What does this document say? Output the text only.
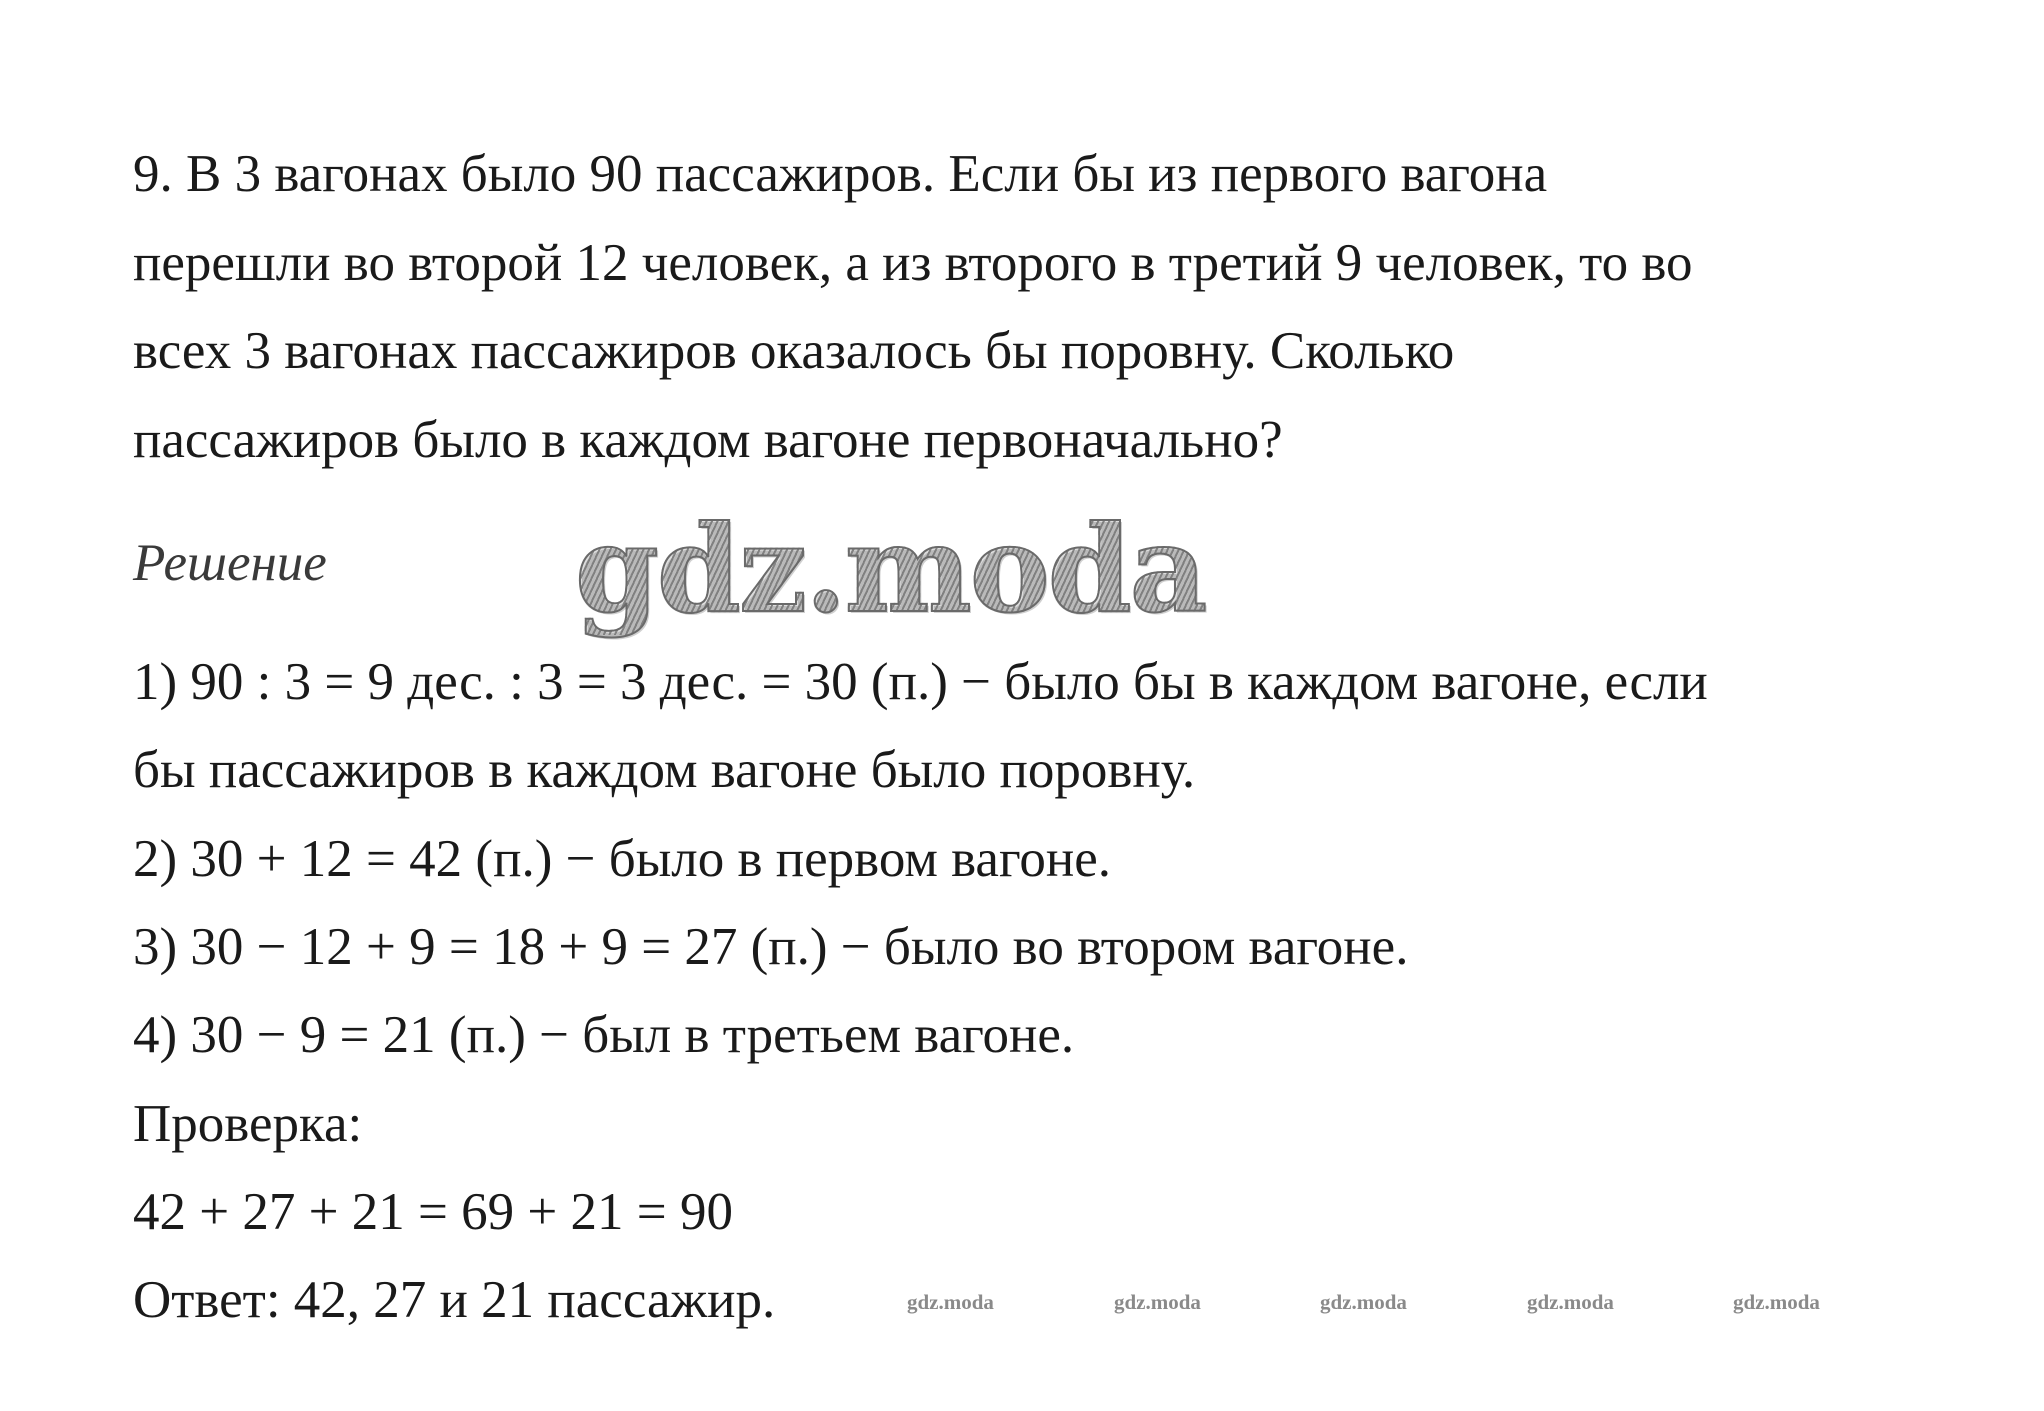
9. В 3 вагонах было 90 пассажиров. Если бы из первого вагона
перешли во второй 12 человек, а из второго в третий 9 человек, то во
всех 3 вагонах пассажиров оказалось бы поровну. Сколько
пассажиров было в каждом вагоне первоначально?
Решение gdz.moda
1) 90 : 3 = 9 дес. : 3 = 3 дес. = 30 (п.) − было бы в каждом вагоне, если
бы пассажиров в каждом вагоне было поровну.
2) 30 + 12 = 42 (п.) − было в первом вагоне.
3) 30 − 12 + 9 = 18 + 9 = 27 (п.) − было во втором вагоне.
4) 30 − 9 = 21 (п.) − был в третьем вагоне.
Проверка:
42 + 27 + 21 = 69 + 21 = 90
Ответ: 42, 27 и 21 пассажир.	gdz.moda	gdz.moda	gdz.moda	gdz.moda	gdz.moda
